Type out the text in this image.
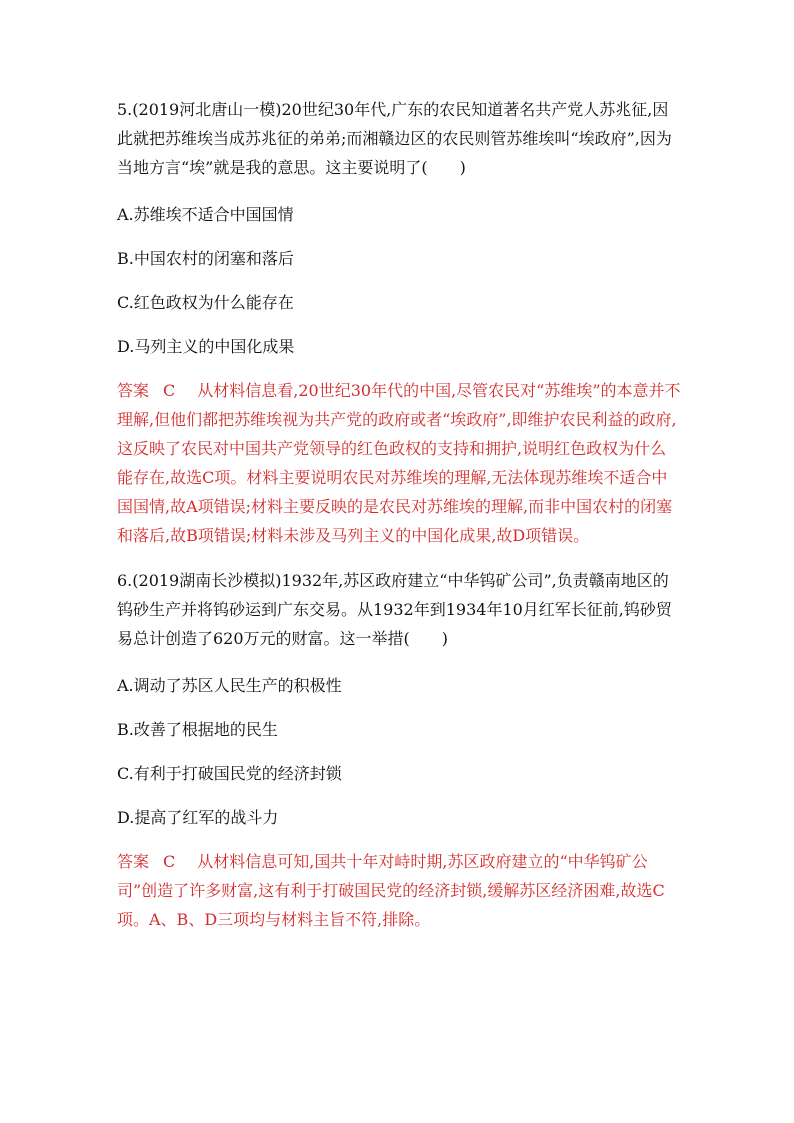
5.(2019河北唐山一模)20世纪30年代,广东的农民知道著名共产党人苏兆征,因此就把苏维埃当成苏兆征的弟弟;而湘赣边区的农民则管苏维埃叫“埃政府”,因为当地方言“埃”就是我的意思。这主要说明了(　　)

A.苏维埃不适合中国国情

B.中国农村的闭塞和落后

C.红色政权为什么能存在

D.马列主义的中国化成果

答案 C 从材料信息看,20世纪30年代的中国,尽管农民对“苏维埃”的本意并不理解,但他们都把苏维埃视为共产党的政府或者“埃政府”,即维护农民利益的政府,这反映了农民对中国共产党领导的红色政权的支持和拥护,说明红色政权为什么能存在,故选C项。材料主要说明农民对苏维埃的理解,无法体现苏维埃不适合中国国情,故A项错误;材料主要反映的是农民对苏维埃的理解,而非中国农村的闭塞和落后,故B项错误;材料未涉及马列主义的中国化成果,故D项错误。

6.(2019湖南长沙模拟)1932年,苏区政府建立“中华钨矿公司”,负责赣南地区的钨砂生产并将钨砂运到广东交易。从1932年到1934年10月红军长征前,钨砂贸易总计创造了620万元的财富。这一举措(　　)

A.调动了苏区人民生产的积极性

B.改善了根据地的民生

C.有利于打破国民党的经济封锁

D.提高了红军的战斗力

答案 C 从材料信息可知,国共十年对峙时期,苏区政府建立的“中华钨矿公司”创造了许多财富,这有利于打破国民党的经济封锁,缓解苏区经济困难,故选C项。A、B、D三项均与材料主旨不符,排除。
